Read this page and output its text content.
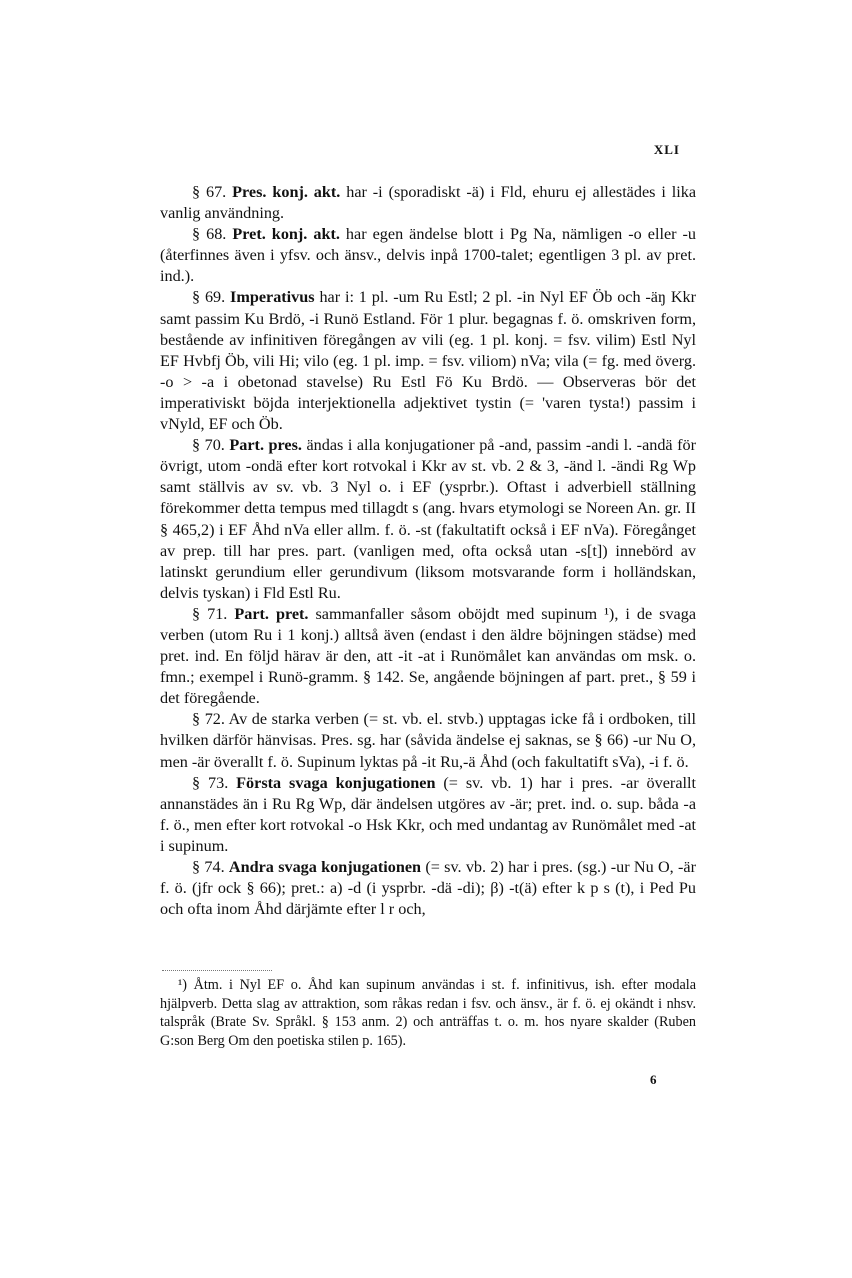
XLI

§ 67. Pres. konj. akt. har -i (sporadiskt -ä) i Fld, ehuru ej allestädes i lika vanlig användning.

§ 68. Pret. konj. akt. har egen ändelse blott i Pg Na, nämligen -o eller -u (återfinnes även i yfsv. och änsv., delvis inpå 1700-talet; egentligen 3 pl. av pret. ind.).

§ 69. Imperativus har i: 1 pl. -um Ru Estl; 2 pl. -in Nyl EF Öb och -äŋ Kkr samt passim Ku Brdö, -i Runö Estland. För 1 plur. begagnas f. ö. omskriven form, bestående av infinitiven föregången av vili (eg. 1 pl. konj. = fsv. vilim) Estl Nyl EF Hvbfj Öb, vili Hi; vilo (eg. 1 pl. imp. = fsv. viliom) nVa; vila (= fg. med överg. -o > -a i obetonad stavelse) Ru Estl Fö Ku Brdö. — Observeras bör det imperativiskt böjda interjektionella adjektivet tystin (= 'varen tysta!) passim i vNyld, EF och Öb.

§ 70. Part. pres. ändas i alla konjugationer på -and, passim -andi l. -andä för övrigt, utom -ondä efter kort rotvokal i Kkr av st. vb. 2 & 3, -änd l. -ändi Rg Wp samt ställvis av sv. vb. 3 Nyl o. i EF (ysprbr.). Oftast i adverbiell ställning förekommer detta tempus med tillagdt s (ang. hvars etymologi se Noreen An. gr. II § 465,2) i EF Åhd nVa eller allm. f. ö. -st (fakultatift också i EF nVa). Föregånget av prep. till har pres. part. (vanligen med, ofta också utan -s[t]) innebörd av latinskt gerundium eller gerundivum (liksom motsvarande form i holländskan, delvis tyskan) i Fld Estl Ru.

§ 71. Part. pret. sammanfaller såsom oböjdt med supinum ¹), i de svaga verben (utom Ru i 1 konj.) alltså även (endast i den äldre böjningen städse) med pret. ind. En följd härav är den, att -it -at i Runömålet kan användas om msk. o. fmn.; exempel i Runö-gramm. § 142. Se, angående böjningen af part. pret., § 59 i det föregående.

§ 72. Av de starka verben (= st. vb. el. stvb.) upptagas icke få i ordboken, till hvilken därför hänvisas. Pres. sg. har (såvida ändelse ej saknas, se § 66) -ur Nu O, men -är överallt f. ö. Supinum lyktas på -it Ru,-ä Åhd (och fakultatift sVa), -i f. ö.

§ 73. Första svaga konjugationen (= sv. vb. 1) har i pres. -ar överallt annanstädes än i Ru Rg Wp, där ändelsen utgöres av -är; pret. ind. o. sup. båda -a f. ö., men efter kort rotvokal -o Hsk Kkr, och med undantag av Runömålet med -at i supinum.

§ 74. Andra svaga konjugationen (= sv. vb. 2) har i pres. (sg.) -ur Nu O, -är f. ö. (jfr ock § 66); pret.: a) -d (i ysprbr. -dä -di); β) -t(ä) efter k p s (t), i Ped Pu och ofta inom Åhd därjämte efter l r och,

¹) Åtm. i Nyl EF o. Åhd kan supinum användas i st. f. infinitivus, ish. efter modala hjälpverb. Detta slag av attraktion, som råkas redan i fsv. och änsv., är f. ö. ej okändt i nhsv. talspråk (Brate Sv. Språkl. § 153 anm. 2) och anträffas t. o. m. hos nyare skalder (Ruben G:son Berg Om den poetiska stilen p. 165).

6
